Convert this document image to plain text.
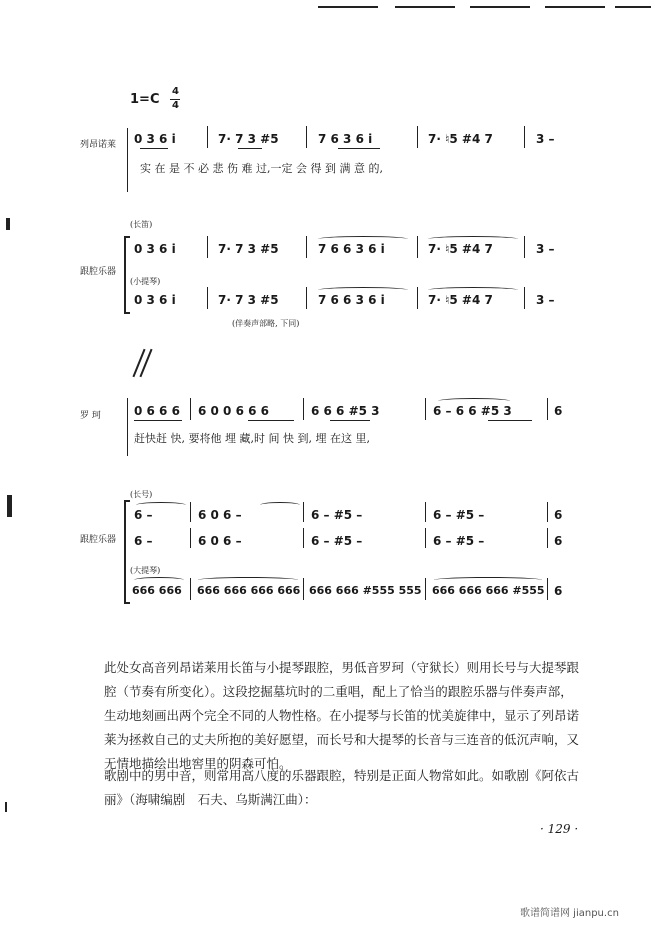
1=C
4
4
列昂诺莱 0 3 6 i	7· 7 3 #5	7 6 3 6 i	7· ♮5 #4 7	3 –
实 在 是 不 必 悲 伤 难 过,一定 会 得 到 满 意 的,
(长笛)
跟腔乐器
0 3 6 i	7· 7 3 #5	7 6 6 3 6 i	7· ♮5 #4 7	3 –
(小提琴)
0 3 6 i	7· 7 3 #5	7 6 6 3 6 i	7· ♮5 #4 7	3 –
(伴奏声部略, 下同)
罗 珂	0 6 6 6 6 0 0 6 6 6	6 6 6 #5 3	6 – 6 6 #5 3	6
赶快赶 快, 要将他 埋 藏,时 间 快 到, 埋 在这 里,
(长号)
跟腔乐器
6 –	6 0 6 –	6 – #5 –	6 – #5 –	6
6 –	6 0 6 –	6 – #5 –	6 – #5 –	6
(大提琴)
666 666 666 666 666 666 666 666 #555 555 666 666 666 #555 6

此处女高音列昂诺莱用长笛与小提琴跟腔，男低音罗珂（守狱长）则用长号与大提琴跟腔（节奏有所变化）。这段挖掘墓坑时的二重唱，配上了恰当的跟腔乐器与伴奏声部，生动地刻画出两个完全不同的人物性格。在小提琴与长笛的忧美旋律中，显示了列昂诺莱为拯救自己的丈夫所抱的美好愿望，而长号和大提琴的长音与三连音的低沉声响，又无情地描绘出地窖里的阴森可怕。

歌剧中的男中音，则常用高八度的乐器跟腔，特别是正面人物常如此。如歌剧《阿依古丽》（海啸编剧　石夫、乌斯满江曲）：

· 129 ·
歌谱简谱网 jianpu.cn
